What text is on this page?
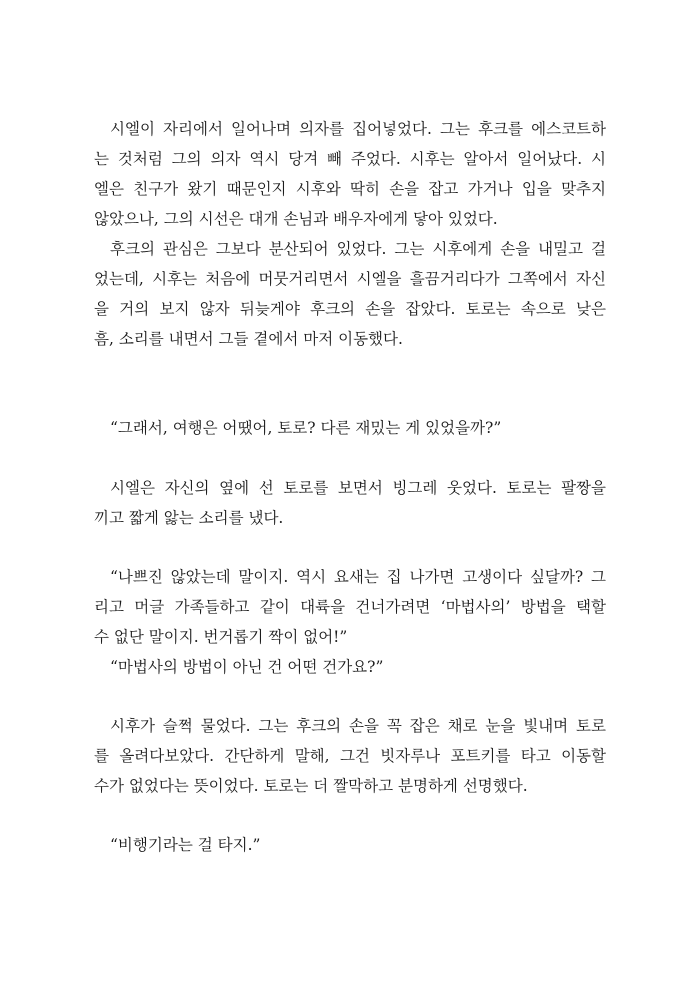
시엘이 자리에서 일어나며 의자를 집어넣었다. 그는 후크를 에스코트하
는 것처럼 그의 의자 역시 당겨 빼 주었다. 시후는 알아서 일어났다. 시
엘은 친구가 왔기 때문인지 시후와 딱히 손을 잡고 가거나 입을 맞추지
않았으나, 그의 시선은 대개 손님과 배우자에게 닿아 있었다.
후크의 관심은 그보다 분산되어 있었다. 그는 시후에게 손을 내밀고 걸
었는데, 시후는 처음에 머뭇거리면서 시엘을 흘끔거리다가 그쪽에서 자신
을 거의 보지 않자 뒤늦게야 후크의 손을 잡았다. 토로는 속으로 낮은
흠, 소리를 내면서 그들 곁에서 마저 이동했다.
“그래서, 여행은 어땠어, 토로? 다른 재밌는 게 있었을까?”
시엘은 자신의 옆에 선 토로를 보면서 빙그레 웃었다. 토로는 팔짱을
끼고 짧게 앓는 소리를 냈다.
“나쁘진 않았는데 말이지. 역시 요새는 집 나가면 고생이다 싶달까? 그
리고 머글 가족들하고 같이 대륙을 건너가려면 ‘마법사의’ 방법을 택할
수 없단 말이지. 번거롭기 짝이 없어!”
“마법사의 방법이 아닌 건 어떤 건가요?”
시후가 슬쩍 물었다. 그는 후크의 손을 꼭 잡은 채로 눈을 빛내며 토로
를 올려다보았다. 간단하게 말해, 그건 빗자루나 포트키를 타고 이동할
수가 없었다는 뜻이었다. 토로는 더 짤막하고 분명하게 선명했다.
“비행기라는 걸 타지.”
